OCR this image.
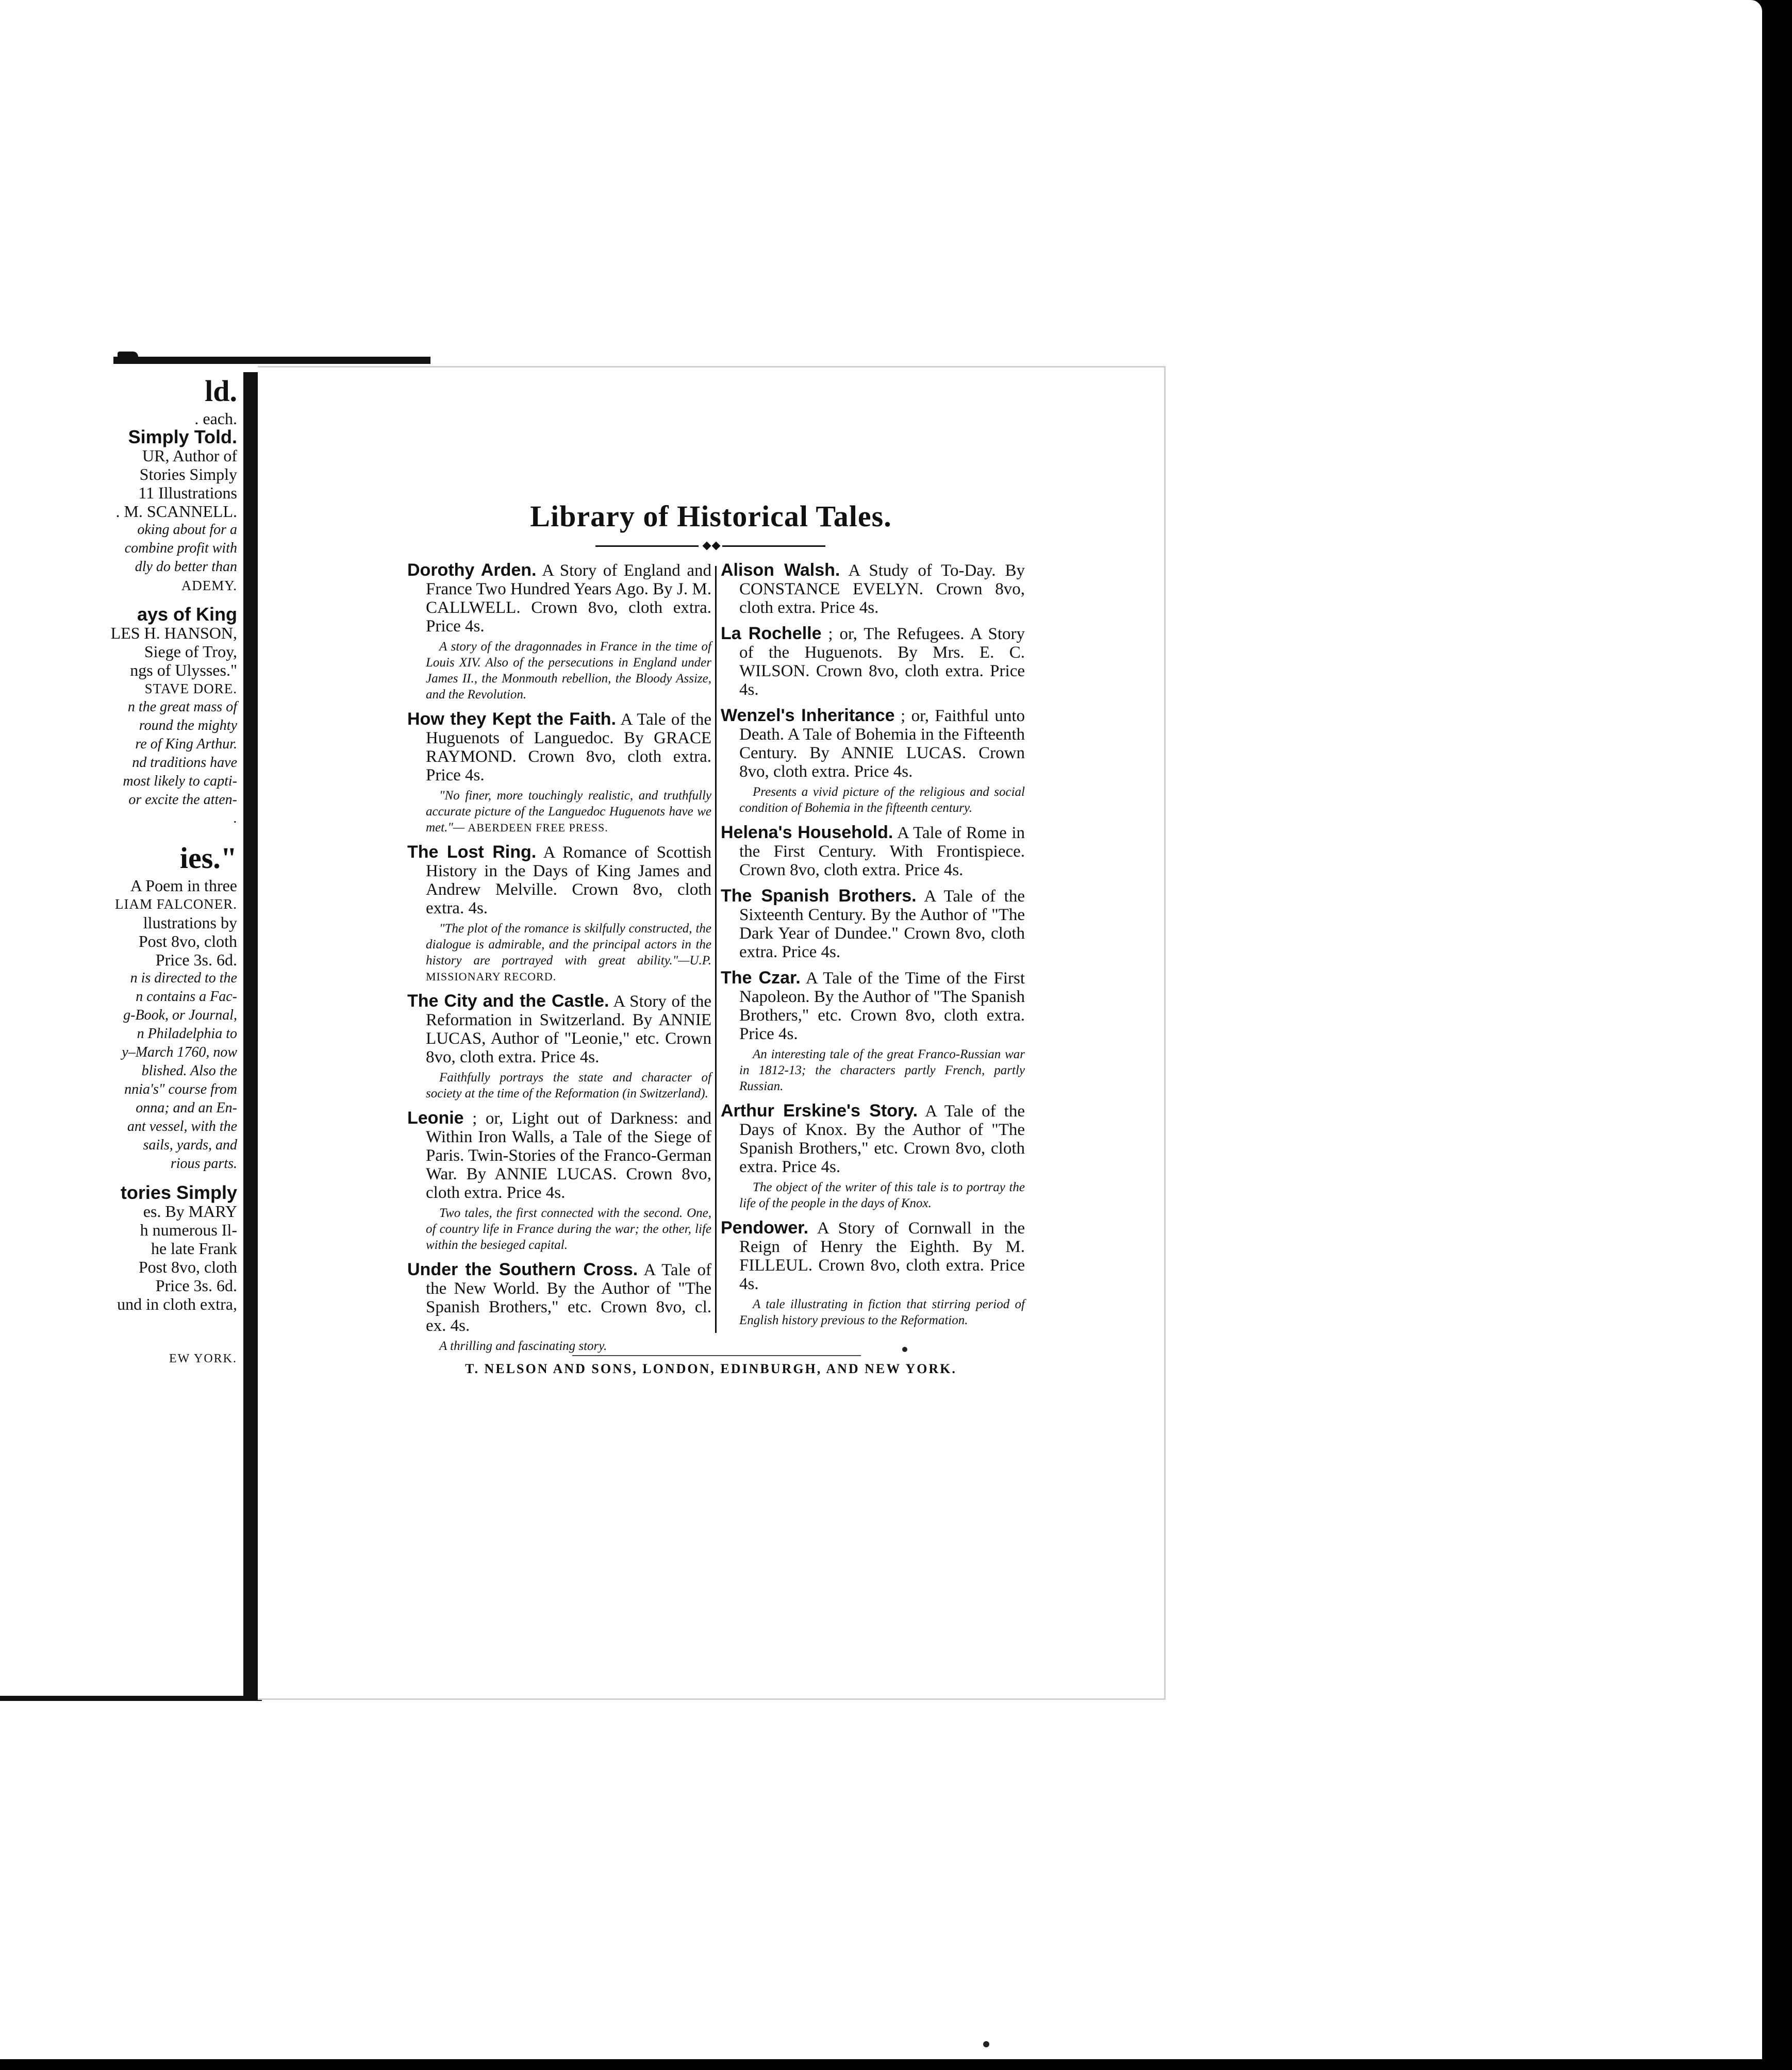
ld.
. each.
Simply Told.
UR, Author of
Stories Simply
11 Illustrations
. M. SCANNELL.
oking about for a
combine profit with
dly do better than
ADEMY.
ays of King
LES H. HANSON,
Siege of Troy,
ngs of Ulysses."
STAVE DORE.
n the great mass of
round the mighty
re of King Arthur.
nd traditions have
most likely to capti-
or excite the atten-
.
ies."
A Poem in three
LIAM FALCONER.
llustrations by
Post 8vo, cloth
Price 3s. 6d.
n is directed to the
n contains a Fac-
g-Book, or Journal,
n Philadelphia to
y–March 1760, now
blished. Also the
nnia's" course from
onna; and an En-
ant vessel, with the
sails, yards, and
rious parts.
tories Simply
es. By MARY
h numerous Il-
he late Frank
Post 8vo, cloth
Price 3s. 6d.
und in cloth extra,
EW YORK.
Library of Historical Tales.

Dorothy Arden. A Story of England and France Two Hundred Years Ago. By J. M. CALLWELL. Crown 8vo, cloth extra. Price 4s.

A story of the dragonnades in France in the time of Louis XIV. Also of the persecutions in England under James II., the Monmouth rebellion, the Bloody Assize, and the Revolution.

How they Kept the Faith. A Tale of the Huguenots of Languedoc. By GRACE RAYMOND. Crown 8vo, cloth extra. Price 4s.

"No finer, more touchingly realistic, and truthfully accurate picture of the Languedoc Huguenots have we met."— ABERDEEN FREE PRESS.

The Lost Ring. A Romance of Scottish History in the Days of King James and Andrew Melville. Crown 8vo, cloth extra. 4s.

"The plot of the romance is skilfully constructed, the dialogue is admirable, and the principal actors in the history are portrayed with great ability."—U.P. MISSIONARY RECORD.

The City and the Castle. A Story of the Reformation in Switzerland. By ANNIE LUCAS, Author of "Leonie," etc. Crown 8vo, cloth extra. Price 4s.

Faithfully portrays the state and character of society at the time of the Reformation (in Switzerland).

Leonie ; or, Light out of Darkness: and Within Iron Walls, a Tale of the Siege of Paris. Twin-Stories of the Franco-German War. By ANNIE LUCAS. Crown 8vo, cloth extra. Price 4s.

Two tales, the first connected with the second. One, of country life in France during the war; the other, life within the besieged capital.

Under the Southern Cross. A Tale of the New World. By the Author of "The Spanish Brothers," etc. Crown 8vo, cl. ex. 4s.

A thrilling and fascinating story.

Alison Walsh. A Study of To-Day. By CONSTANCE EVELYN. Crown 8vo, cloth extra. Price 4s.

La Rochelle ; or, The Refugees. A Story of the Huguenots. By Mrs. E. C. WILSON. Crown 8vo, cloth extra. Price 4s.

Wenzel's Inheritance ; or, Faithful unto Death. A Tale of Bohemia in the Fifteenth Century. By ANNIE LUCAS. Crown 8vo, cloth extra. Price 4s.

Presents a vivid picture of the religious and social condition of Bohemia in the fifteenth century.

Helena's Household. A Tale of Rome in the First Century. With Frontispiece. Crown 8vo, cloth extra. Price 4s.

The Spanish Brothers. A Tale of the Sixteenth Century. By the Author of "The Dark Year of Dundee." Crown 8vo, cloth extra. Price 4s.

The Czar. A Tale of the Time of the First Napoleon. By the Author of "The Spanish Brothers," etc. Crown 8vo, cloth extra. Price 4s.

An interesting tale of the great Franco-Russian war in 1812-13; the characters partly French, partly Russian.

Arthur Erskine's Story. A Tale of the Days of Knox. By the Author of "The Spanish Brothers," etc. Crown 8vo, cloth extra. Price 4s.

The object of the writer of this tale is to portray the life of the people in the days of Knox.

Pendower. A Story of Cornwall in the Reign of Henry the Eighth. By M. FILLEUL. Crown 8vo, cloth extra. Price 4s.

A tale illustrating in fiction that stirring period of English history previous to the Reformation.

T. NELSON AND SONS, LONDON, EDINBURGH, AND NEW YORK.
